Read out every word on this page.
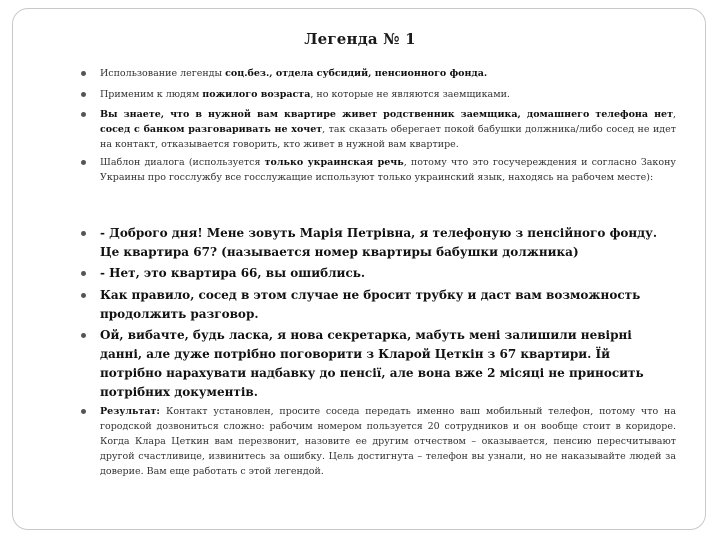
Легенда № 1
Использование легенды соц.без., отдела субсидий, пенсионного фонда.
Применим к людям пожилого возраста, но которые не являются заемщиками.
Вы знаете, что в нужной вам квартире живет родственник заемщика, домашнего телефона нет, сосед с банком разговаривать не хочет, так сказать оберегает покой бабушки должника/либо сосед не идет на контакт, отказывается говорить, кто живет в нужной вам квартире.
Шаблон диалога (используется только украинская речь, потому что это госучереждения и согласно Закону Украины про госслужбу все госслужащие используют только украинский язык, находясь на рабочем месте):
- Доброго дня! Мене зовуть Марія Петрівна, я телефоную з пенсійного фонду. Це квартира 67? (называется номер квартиры бабушки должника)
- Нет, это квартира 66, вы ошиблись.
Как правило, сосед в этом случае не бросит трубку и даст вам возможность продолжить разговор.
Ой, вибачте, будь ласка, я нова секретарка, мабуть мені залишили невірні данні, але дуже потрібно поговорити з Кларой Цеткін з 67 квартири. Їй потрібно нарахувати надбавку до пенсії, але вона вже 2 місяці не приносить потрібних документів.
Результат: Контакт установлен, просите соседа передать именно ваш мобильный телефон, потому что на городской дозвониться сложно: рабочим номером пользуется 20 сотрудников и он вообще стоит в коридоре. Когда Клара Цеткин вам перезвонит, назовите ее другим отчеством – оказывается, пенсию пересчитывают другой счастливице, извинитесь за ошибку. Цель достигнута – телефон вы узнали, но не наказывайте людей за доверие. Вам еще работать с этой легендой.
